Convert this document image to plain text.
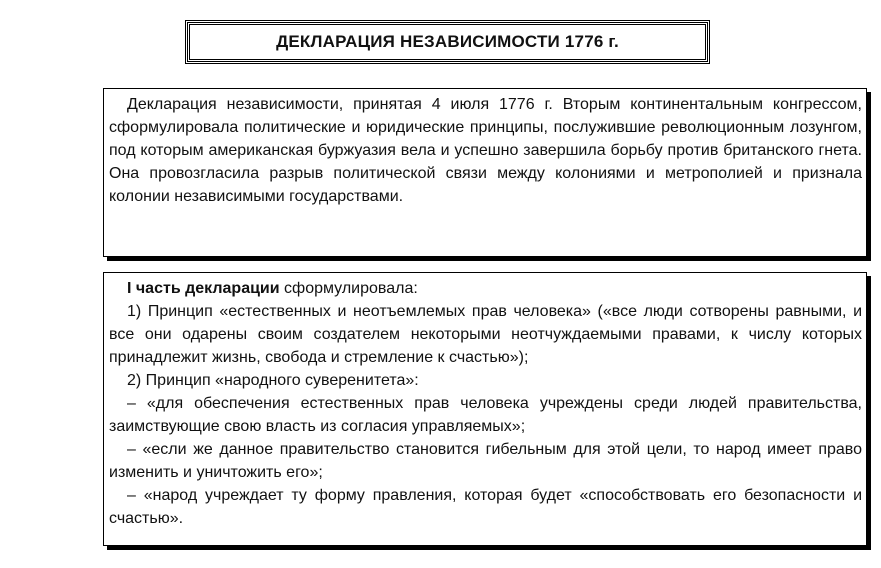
ДЕКЛАРАЦИЯ НЕЗАВИСИМОСТИ 1776 г.

Декларация независимости, принятая 4 июля 1776 г. Вторым континентальным конгрессом, сформулировала политические и юридические принципы, послужившие революционным лозунгом, под которым американская буржуазия вела и успешно завершила борьбу против британского гнета. Она провозгласила разрыв политической связи между колониями и метрополией и признала колонии независимыми государствами.

I часть декларации сформулировала:
1) Принцип «естественных и неотъемлемых прав человека» («все люди сотворены равными, и все они одарены своим создателем некоторыми неотчуждаемыми правами, к числу которых принадлежит жизнь, свобода и стремление к счастью»);
2) Принцип «народного суверенитета»:
– «для обеспечения естественных прав человека учреждены среди людей правительства, заимствующие свою власть из согласия управляемых»;
– «если же данное правительство становится гибельным для этой цели, то народ имеет право изменить и уничтожить его»;
– «народ учреждает ту форму правления, которая будет «способствовать его безопасности и счастью».
